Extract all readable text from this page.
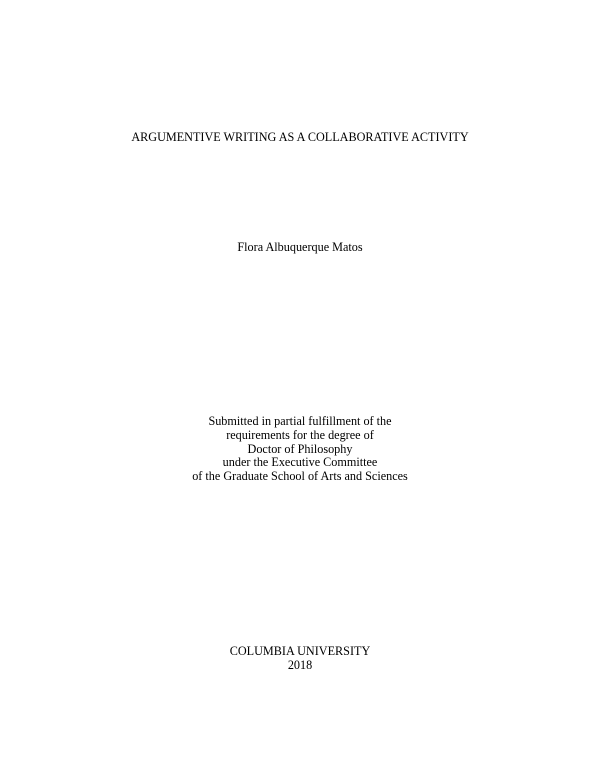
ARGUMENTIVE WRITING AS A COLLABORATIVE ACTIVITY
Flora Albuquerque Matos
Submitted in partial fulfillment of the
requirements for the degree of
Doctor of Philosophy
under the Executive Committee
of the Graduate School of Arts and Sciences
COLUMBIA UNIVERSITY
2018
